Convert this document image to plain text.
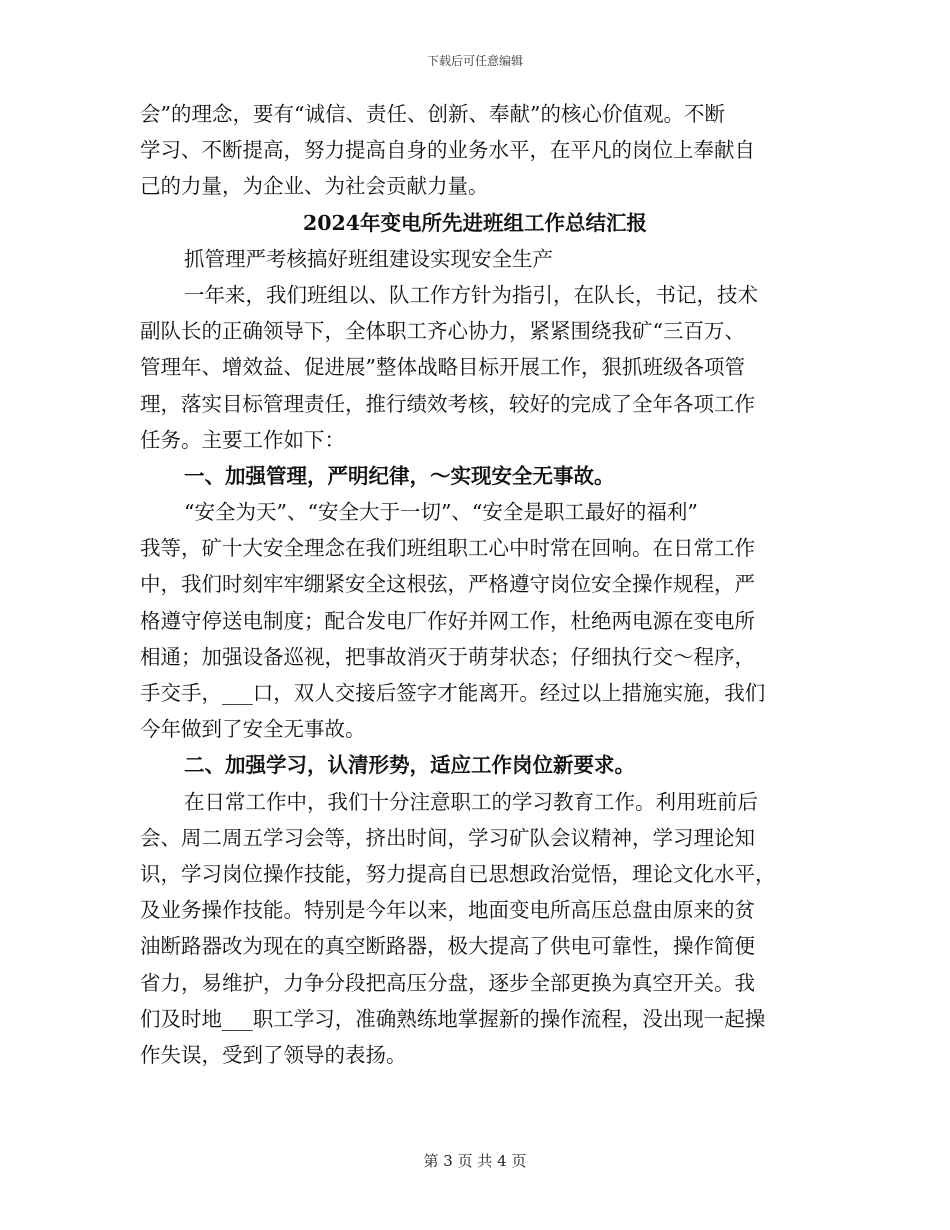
下载后可任意编辑
会”的理念，要有“诚信、责任、创新、奉献”的核心价值观。不断
学习、不断提高，努力提高自身的业务水平，在平凡的岗位上奉献自
己的力量，为企业、为社会贡献力量。
2024年变电所先进班组工作总结汇报
抓管理严考核搞好班组建设实现安全生产
一年来，我们班组以、队工作方针为指引，在队长，书记，技术
副队长的正确领导下，全体职工齐心协力，紧紧围绕我矿“三百万、
管理年、增效益、促进展”整体战略目标开展工作，狠抓班级各项管
理，落实目标管理责任，推行绩效考核，较好的完成了全年各项工作
任务。主要工作如下：
一、加强管理，严明纪律，～实现安全无事故。
“安全为天”、“安全大于一切”、“安全是职工最好的福利”
我等，矿十大安全理念在我们班组职工心中时常在回响。在日常工作
中，我们时刻牢牢绷紧安全这根弦，严格遵守岗位安全操作规程，严
格遵守停送电制度；配合发电厂作好并网工作，杜绝两电源在变电所
相通；加强设备巡视，把事故消灭于萌芽状态；仔细执行交～程序，
手交手，___口，双人交接后签字才能离开。经过以上措施实施，我们
今年做到了安全无事故。
二、加强学习，认清形势，适应工作岗位新要求。
在日常工作中，我们十分注意职工的学习教育工作。利用班前后
会、周二周五学习会等，挤出时间，学习矿队会议精神，学习理论知
识，学习岗位操作技能，努力提高自已思想政治觉悟，理论文化水平，
及业务操作技能。特别是今年以来，地面变电所高压总盘由原来的贫
油断路器改为现在的真空断路器，极大提高了供电可靠性，操作简便
省力，易维护，力争分段把高压分盘，逐步全部更换为真空开关。我
们及时地___职工学习，准确熟练地掌握新的操作流程，没出现一起操
作失误，受到了领导的表扬。
第 3 页 共 4 页
